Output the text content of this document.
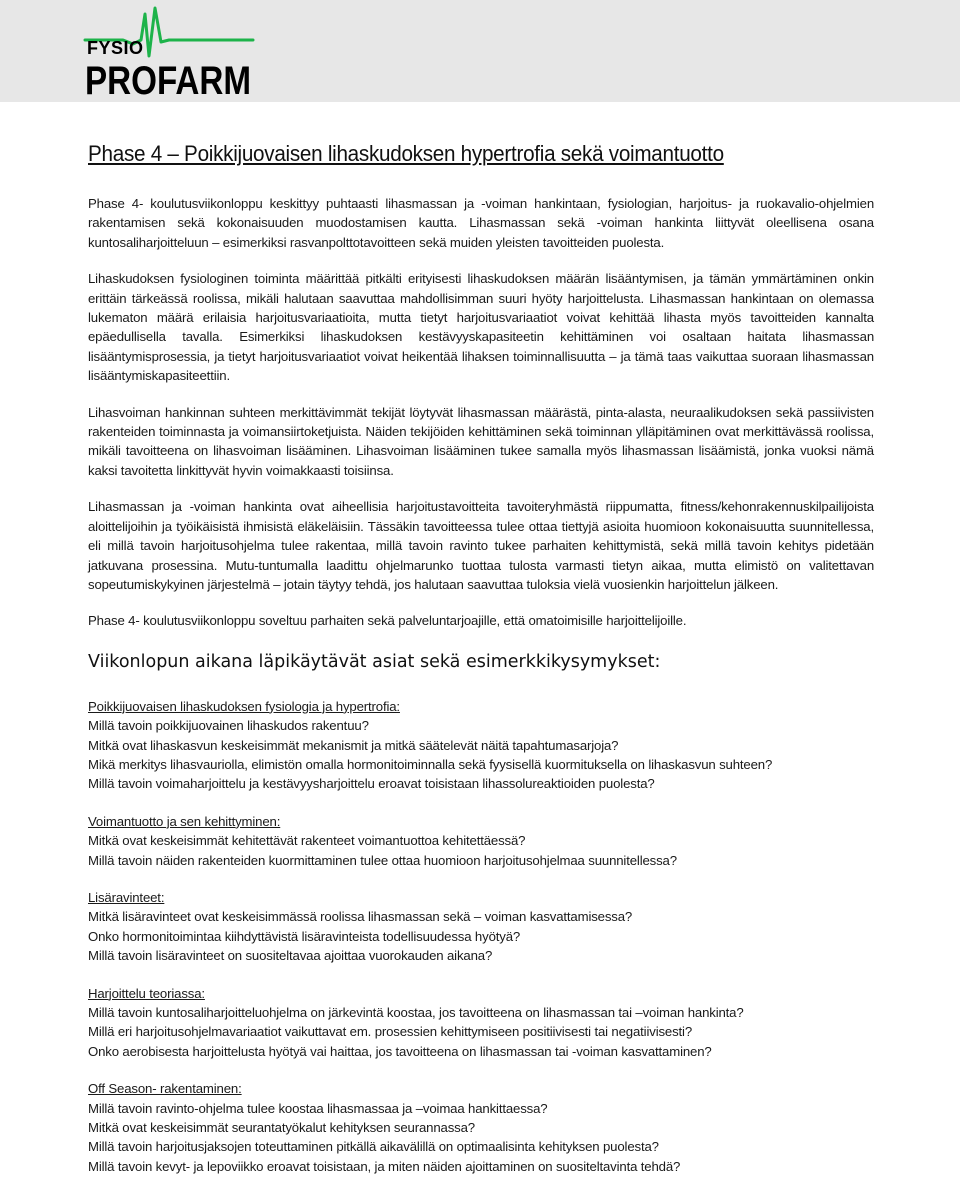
FYSIO
PROFARM
Phase 4 – Poikkijuovaisen lihaskudoksen hypertrofia sekä voimantuotto

Phase 4- koulutusviikonloppu keskittyy puhtaasti lihasmassan ja -voiman hankintaan, fysiologian, harjoitus- ja ruokavalio-ohjelmien rakentamisen sekä kokonaisuuden muodostamisen kautta. Lihasmassan sekä -voiman hankinta liittyvät oleellisena osana kuntosaliharjoitteluun – esimerkiksi rasvanpolttotavoitteen sekä muiden yleisten tavoitteiden puolesta.

Lihaskudoksen fysiologinen toiminta määrittää pitkälti erityisesti lihaskudoksen määrän lisääntymisen, ja tämän ymmärtäminen onkin erittäin tärkeässä roolissa, mikäli halutaan saavuttaa mahdollisimman suuri hyöty harjoittelusta. Lihasmassan hankintaan on olemassa lukematon määrä erilaisia harjoitusvariaatioita, mutta tietyt harjoitusvariaatiot voivat kehittää lihasta myös tavoitteiden kannalta epäedullisella tavalla. Esimerkiksi lihaskudoksen kestävyyskapasiteetin kehittäminen voi osaltaan haitata lihasmassan lisääntymisprosessia, ja tietyt harjoitusvariaatiot voivat heikentää lihaksen toiminnallisuutta – ja tämä taas vaikuttaa suoraan lihasmassan lisääntymiskapasiteettiin.

Lihasvoiman hankinnan suhteen merkittävimmät tekijät löytyvät lihasmassan määrästä, pinta-alasta, neuraalikudoksen sekä passiivisten rakenteiden toiminnasta ja voimansiirtoketjuista. Näiden tekijöiden kehittäminen sekä toiminnan ylläpitäminen ovat merkittävässä roolissa, mikäli tavoitteena on lihasvoiman lisääminen. Lihasvoiman lisääminen tukee samalla myös lihasmassan lisäämistä, jonka vuoksi nämä kaksi tavoitetta linkittyvät hyvin voimakkaasti toisiinsa.

Lihasmassan ja -voiman hankinta ovat aiheellisia harjoitustavoitteita tavoiteryhmästä riippumatta, fitness/kehonrakennuskilpailijoista aloittelijoihin ja työikäisistä ihmisistä eläkeläisiin. Tässäkin tavoitteessa tulee ottaa tiettyjä asioita huomioon kokonaisuutta suunnitellessa, eli millä tavoin harjoitusohjelma tulee rakentaa, millä tavoin ravinto tukee parhaiten kehittymistä, sekä millä tavoin kehitys pidetään jatkuvana prosessina. Mutu-tuntumalla laadittu ohjelmarunko tuottaa tulosta varmasti tietyn aikaa, mutta elimistö on valitettavan sopeutumiskykyinen järjestelmä – jotain täytyy tehdä, jos halutaan saavuttaa tuloksia vielä vuosienkin harjoittelun jälkeen.

Phase 4- koulutusviikonloppu soveltuu parhaiten sekä palveluntarjoajille, että omatoimisille harjoittelijoille.

Viikonlopun aikana läpikäytävät asiat sekä esimerkkikysymykset:
Poikkijuovaisen lihaskudoksen fysiologia ja hypertrofia:
Millä tavoin poikkijuovainen lihaskudos rakentuu?
Mitkä ovat lihaskasvun keskeisimmät mekanismit ja mitkä säätelevät näitä tapahtumasarjoja?
Mikä merkitys lihasvauriolla, elimistön omalla hormonitoiminnalla sekä fyysisellä kuormituksella on lihaskasvun suhteen?
Millä tavoin voimaharjoittelu ja kestävyysharjoittelu eroavat toisistaan lihassolureaktioiden puolesta?
Voimantuotto ja sen kehittyminen:
Mitkä ovat keskeisimmät kehitettävät rakenteet voimantuottoa kehitettäessä?
Millä tavoin näiden rakenteiden kuormittaminen tulee ottaa huomioon harjoitusohjelmaa suunnitellessa?
Lisäravinteet:
Mitkä lisäravinteet ovat keskeisimmässä roolissa lihasmassan sekä – voiman kasvattamisessa?
Onko hormonitoimintaa kiihdyttävistä lisäravinteista todellisuudessa hyötyä?
Millä tavoin lisäravinteet on suositeltavaa ajoittaa vuorokauden aikana?
Harjoittelu teoriassa:
Millä tavoin kuntosaliharjoitteluohjelma on järkevintä koostaa, jos tavoitteena on lihasmassan tai –voiman hankinta?
Millä eri harjoitusohjelmavariaatiot vaikuttavat em. prosessien kehittymiseen positiivisesti tai negatiivisesti?
Onko aerobisesta harjoittelusta hyötyä vai haittaa, jos tavoitteena on lihasmassan tai -voiman kasvattaminen?
Off Season- rakentaminen:
Millä tavoin ravinto-ohjelma tulee koostaa lihasmassaa ja –voimaa hankittaessa?
Mitkä ovat keskeisimmät seurantatyökalut kehityksen seurannassa?
Millä tavoin harjoitusjaksojen toteuttaminen pitkällä aikavälillä on optimaalisinta kehityksen puolesta?
Millä tavoin kevyt- ja lepoviikko eroavat toisistaan, ja miten näiden ajoittaminen on suositeltavinta tehdä?
